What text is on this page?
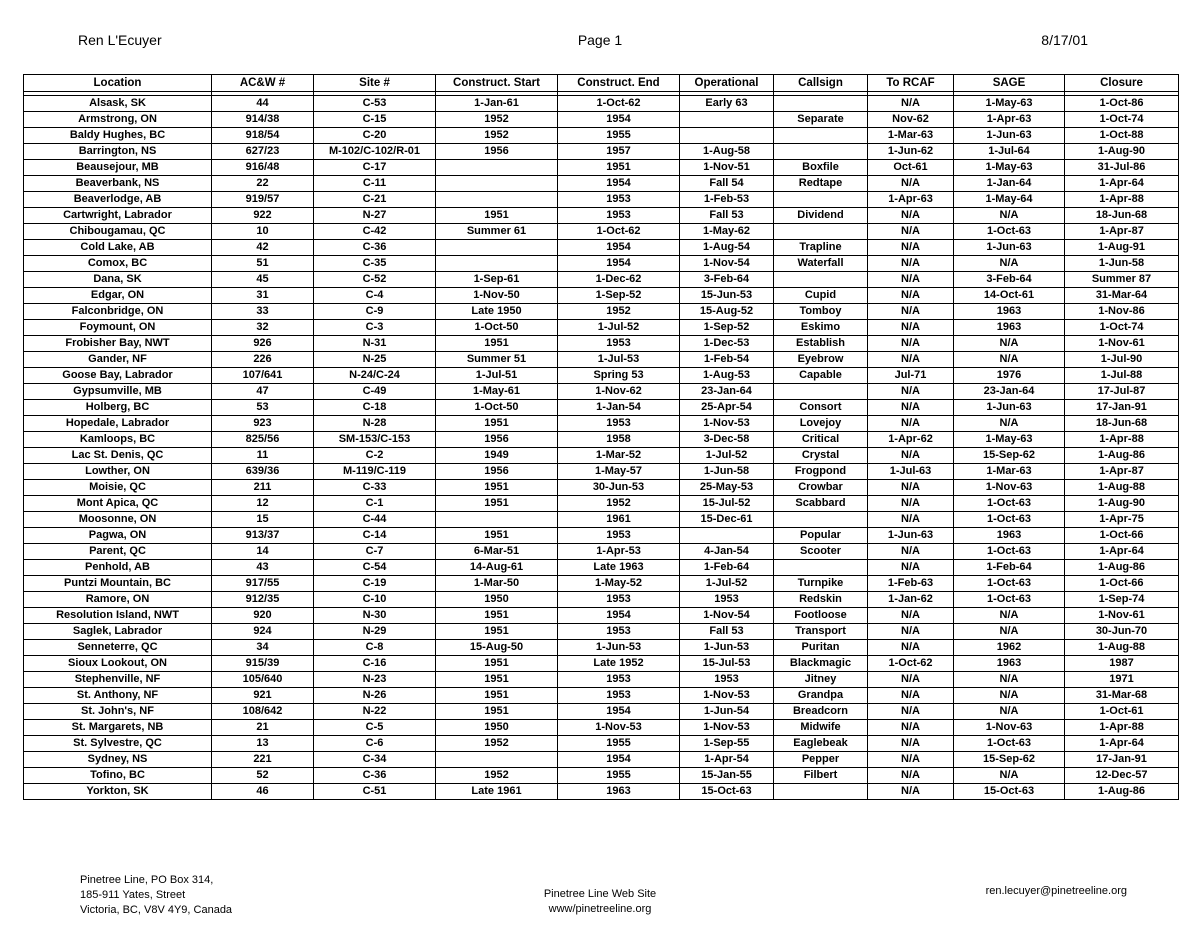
Ren L'Ecuyer	Page 1	8/17/01
Location	AC&W #	Site #	Construct. Start	Construct. End	Operational	Callsign	To RCAF	SAGE	Closure

Alsask, SK	44	C-53	1-Jan-61	1-Oct-62	Early 63		N/A	1-May-63	1-Oct-86
Armstrong, ON	914/38	C-15	1952	1954		Separate	Nov-62	1-Apr-63	1-Oct-74
Baldy Hughes, BC	918/54	C-20	1952	1955			1-Mar-63	1-Jun-63	1-Oct-88
Barrington, NS	627/23	M-102/C-102/R-01	1956	1957	1-Aug-58		1-Jun-62	1-Jul-64	1-Aug-90
Beausejour, MB	916/48	C-17		1951	1-Nov-51	Boxfile	Oct-61	1-May-63	31-Jul-86
Beaverbank, NS	22	C-11		1954	Fall 54	Redtape	N/A	1-Jan-64	1-Apr-64
Beaverlodge, AB	919/57	C-21		1953	1-Feb-53		1-Apr-63	1-May-64	1-Apr-88
Cartwright, Labrador	922	N-27	1951	1953	Fall 53	Dividend	N/A	N/A	18-Jun-68
Chibougamau, QC	10	C-42	Summer 61	1-Oct-62	1-May-62		N/A	1-Oct-63	1-Apr-87
Cold Lake, AB	42	C-36		1954	1-Aug-54	Trapline	N/A	1-Jun-63	1-Aug-91
Comox, BC	51	C-35		1954	1-Nov-54	Waterfall	N/A	N/A	1-Jun-58
Dana, SK	45	C-52	1-Sep-61	1-Dec-62	3-Feb-64		N/A	3-Feb-64	Summer 87
Edgar, ON	31	C-4	1-Nov-50	1-Sep-52	15-Jun-53	Cupid	N/A	14-Oct-61	31-Mar-64
Falconbridge, ON	33	C-9	Late 1950	1952	15-Aug-52	Tomboy	N/A	1963	1-Nov-86
Foymount, ON	32	C-3	1-Oct-50	1-Jul-52	1-Sep-52	Eskimo	N/A	1963	1-Oct-74
Frobisher Bay, NWT	926	N-31	1951	1953	1-Dec-53	Establish	N/A	N/A	1-Nov-61
Gander, NF	226	N-25	Summer 51	1-Jul-53	1-Feb-54	Eyebrow	N/A	N/A	1-Jul-90
Goose Bay, Labrador	107/641	N-24/C-24	1-Jul-51	Spring 53	1-Aug-53	Capable	Jul-71	1976	1-Jul-88
Gypsumville, MB	47	C-49	1-May-61	1-Nov-62	23-Jan-64		N/A	23-Jan-64	17-Jul-87
Holberg, BC	53	C-18	1-Oct-50	1-Jan-54	25-Apr-54	Consort	N/A	1-Jun-63	17-Jan-91
Hopedale, Labrador	923	N-28	1951	1953	1-Nov-53	Lovejoy	N/A	N/A	18-Jun-68
Kamloops, BC	825/56	SM-153/C-153	1956	1958	3-Dec-58	Critical	1-Apr-62	1-May-63	1-Apr-88
Lac St. Denis, QC	11	C-2	1949	1-Mar-52	1-Jul-52	Crystal	N/A	15-Sep-62	1-Aug-86
Lowther, ON	639/36	M-119/C-119	1956	1-May-57	1-Jun-58	Frogpond	1-Jul-63	1-Mar-63	1-Apr-87
Moisie, QC	211	C-33	1951	30-Jun-53	25-May-53	Crowbar	N/A	1-Nov-63	1-Aug-88
Mont Apica, QC	12	C-1	1951	1952	15-Jul-52	Scabbard	N/A	1-Oct-63	1-Aug-90
Moosonne, ON	15	C-44		1961	15-Dec-61		N/A	1-Oct-63	1-Apr-75
Pagwa, ON	913/37	C-14	1951	1953		Popular	1-Jun-63	1963	1-Oct-66
Parent, QC	14	C-7	6-Mar-51	1-Apr-53	4-Jan-54	Scooter	N/A	1-Oct-63	1-Apr-64
Penhold, AB	43	C-54	14-Aug-61	Late 1963	1-Feb-64		N/A	1-Feb-64	1-Aug-86
Puntzi Mountain, BC	917/55	C-19	1-Mar-50	1-May-52	1-Jul-52	Turnpike	1-Feb-63	1-Oct-63	1-Oct-66
Ramore, ON	912/35	C-10	1950	1953	1953	Redskin	1-Jan-62	1-Oct-63	1-Sep-74
Resolution Island, NWT	920	N-30	1951	1954	1-Nov-54	Footloose	N/A	N/A	1-Nov-61
Saglek, Labrador	924	N-29	1951	1953	Fall 53	Transport	N/A	N/A	30-Jun-70
Senneterre, QC	34	C-8	15-Aug-50	1-Jun-53	1-Jun-53	Puritan	N/A	1962	1-Aug-88
Sioux Lookout, ON	915/39	C-16	1951	Late 1952	15-Jul-53	Blackmagic	1-Oct-62	1963	1987
Stephenville, NF	105/640	N-23	1951	1953	1953	Jitney	N/A	N/A	1971
St. Anthony, NF	921	N-26	1951	1953	1-Nov-53	Grandpa	N/A	N/A	31-Mar-68
St. John's, NF	108/642	N-22	1951	1954	1-Jun-54	Breadcorn	N/A	N/A	1-Oct-61
St. Margarets, NB	21	C-5	1950	1-Nov-53	1-Nov-53	Midwife	N/A	1-Nov-63	1-Apr-88
St. Sylvestre, QC	13	C-6	1952	1955	1-Sep-55	Eaglebeak	N/A	1-Oct-63	1-Apr-64
Sydney, NS	221	C-34		1954	1-Apr-54	Pepper	N/A	15-Sep-62	17-Jan-91
Tofino, BC	52	C-36	1952	1955	15-Jan-55	Filbert	N/A	N/A	12-Dec-57
Yorkton, SK	46	C-51	Late 1961	1963	15-Oct-63		N/A	15-Oct-63	1-Aug-86
Pinetree Line, PO Box 314,
185-911 Yates, Street
Victoria, BC, V8V 4Y9, Canada
Pinetree Line Web Site
www/pinetreeline.org
ren.lecuyer@pinetreeline.org
